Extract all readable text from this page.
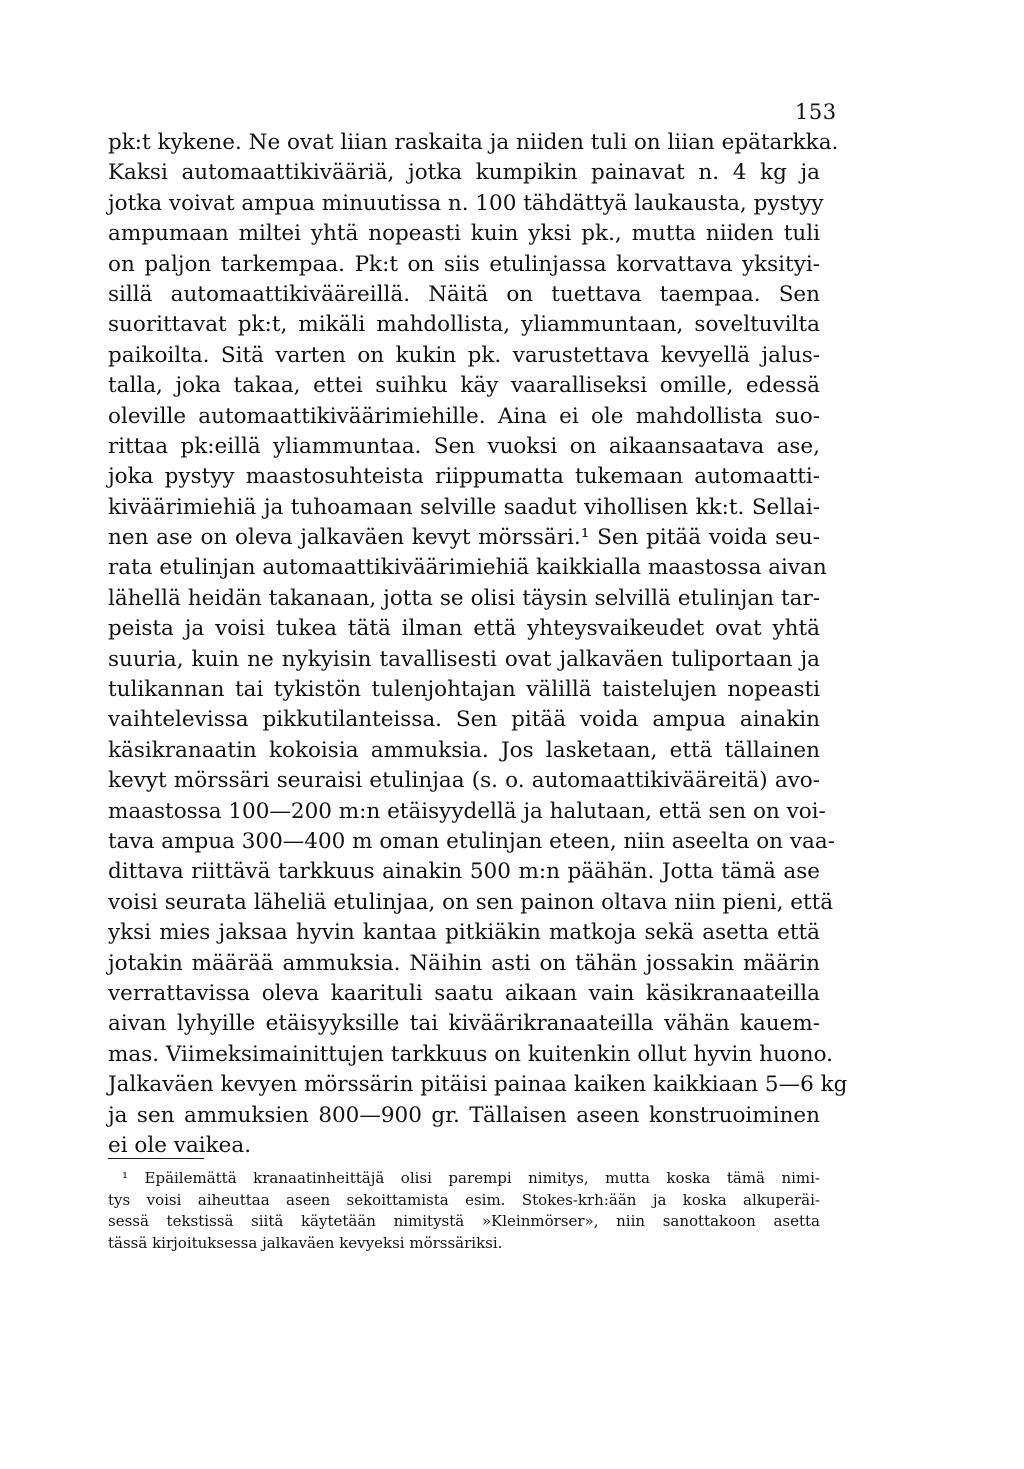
153
pk:t kykene. Ne ovat liian raskaita ja niiden tuli on liian epätarkka.
Kaksi automaattikivääriä, jotka kumpikin painavat n. 4 kg ja
jotka voivat ampua minuutissa n. 100 tähdättyä laukausta, pystyy
ampumaan miltei yhtä nopeasti kuin yksi pk., mutta niiden tuli
on paljon tarkempaa. Pk:t on siis etulinjassa korvattava yksityi-
sillä automaattikivääreillä. Näitä on tuettava taempaa. Sen
suorittavat pk:t, mikäli mahdollista, yliammuntaan, soveltuvilta
paikoilta. Sitä varten on kukin pk. varustettava kevyellä jalus-
talla, joka takaa, ettei suihku käy vaaralliseksi omille, edessä
oleville automaattikiväärimiehille. Aina ei ole mahdollista suo-
rittaa pk:eillä yliammuntaa. Sen vuoksi on aikaansaatava ase,
joka pystyy maastosuhteista riippumatta tukemaan automaatti-
kiväärimiehiä ja tuhoamaan selville saadut vihollisen kk:t. Sellai-
nen ase on oleva jalkaväen kevyt mörssäri.¹ Sen pitää voida seu-
rata etulinjan automaattikiväärimiehiä kaikkialla maastossa aivan
lähellä heidän takanaan, jotta se olisi täysin selvillä etulinjan tar-
peista ja voisi tukea tätä ilman että yhteysvaikeudet ovat yhtä
suuria, kuin ne nykyisin tavallisesti ovat jalkaväen tuliportaan ja
tulikannan tai tykistön tulenjohtajan välillä taistelujen nopeasti
vaihtelevissa pikkutilanteissa. Sen pitää voida ampua ainakin
käsikranaatin kokoisia ammuksia. Jos lasketaan, että tällainen
kevyt mörssäri seuraisi etulinjaa (s. o. automaattikivääreitä) avo-
maastossa 100—200 m:n etäisyydellä ja halutaan, että sen on voi-
tava ampua 300—400 m oman etulinjan eteen, niin aseelta on vaa-
dittava riittävä tarkkuus ainakin 500 m:n päähän. Jotta tämä ase
voisi seurata läheliä etulinjaa, on sen painon oltava niin pieni, että
yksi mies jaksaa hyvin kantaa pitkiäkin matkoja sekä asetta että
jotakin määrää ammuksia. Näihin asti on tähän jossakin määrin
verrattavissa oleva kaarituli saatu aikaan vain käsikranaateilla
aivan lyhyille etäisyyksille tai kiväärikranaateilla vähän kauem-
mas. Viimeksimainittujen tarkkuus on kuitenkin ollut hyvin huono.
Jalkaväen kevyen mörssärin pitäisi painaa kaiken kaikkiaan 5—6 kg
ja sen ammuksien 800—900 gr. Tällaisen aseen konstruoiminen
ei ole vaikea.
¹ Epäilemättä kranaatinheittäjä olisi parempi nimitys, mutta koska tämä nimi-
tys voisi aiheuttaa aseen sekoittamista esim. Stokes-krh:ään ja koska alkuperäi-
sessä tekstissä siitä käytetään nimitystä »Kleinmörser», niin sanottakoon asetta
tässä kirjoituksessa jalkaväen kevyeksi mörssäriksi.
